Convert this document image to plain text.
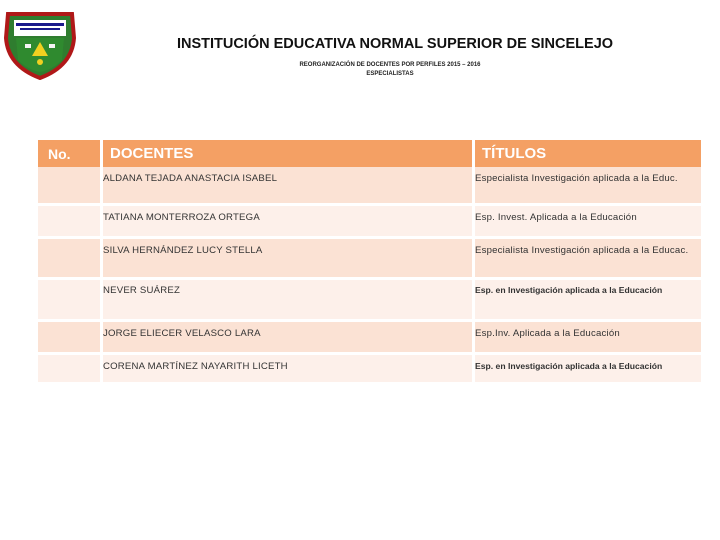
INSTITUCIÓN EDUCATIVA NORMAL SUPERIOR DE SINCELEJO
REORGANIZACIÓN DE DOCENTES POR PERFILES 2015 – 2016
ESPECIALISTAS
No.	DOCENTES	TÍTULOS
	ALDANA TEJADA ANASTACIA ISABEL	Especialista Investigación aplicada a la Educ.
	TATIANA MONTERROZA ORTEGA	Esp. Invest. Aplicada a la Educación
	SILVA HERNÁNDEZ LUCY STELLA	Especialista Investigación aplicada a la Educac.
	NEVER SUÁREZ	Esp. en Investigación aplicada a la Educación
	JORGE ELIECER VELASCO LARA	Esp.Inv. Aplicada a la Educación
	CORENA MARTÍNEZ NAYARITH LICETH	Esp. en Investigación aplicada a la Educación
